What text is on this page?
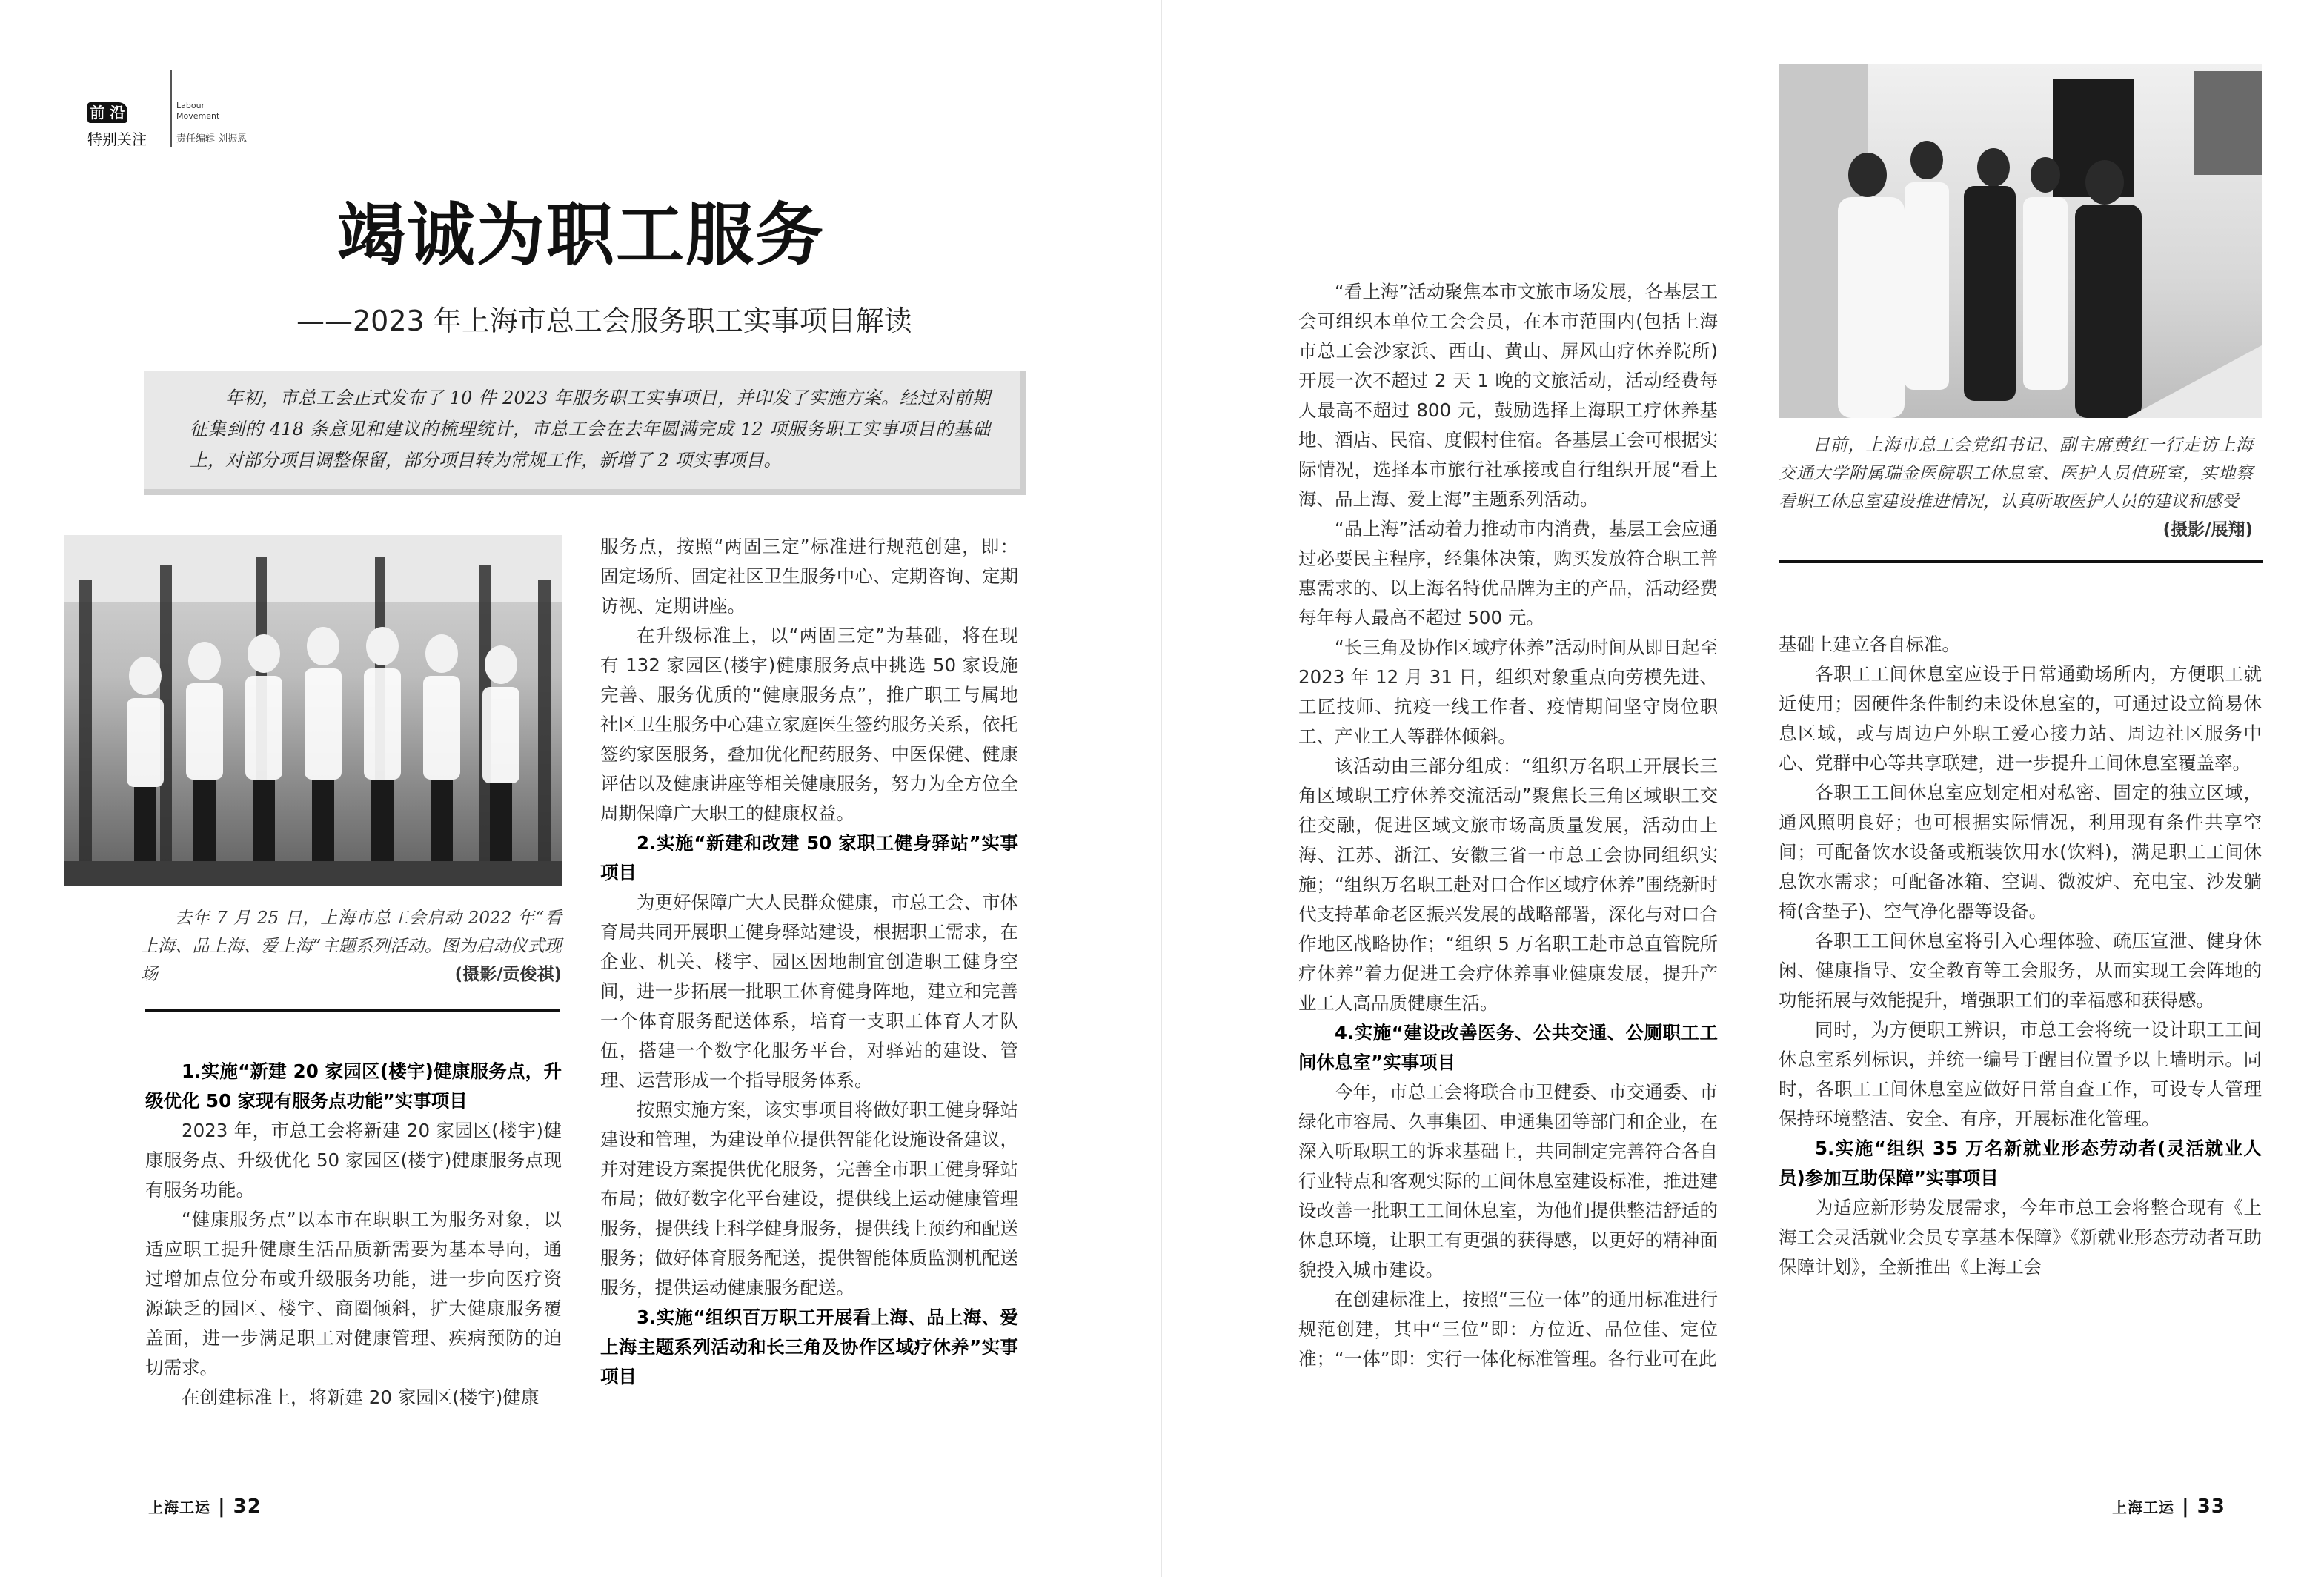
前 沿
特别关注
Labour
Movement
责任编辑 刘振恩
竭诚为职工服务
——2023 年上海市总工会服务职工实事项目解读
年初，市总工会正式发布了 10 件 2023 年服务职工实事项目，并印发了实施方案。经过对前期征集到的 418 条意见和建议的梳理统计，市总工会在去年圆满完成 12 项服务职工实事项目的基础上，对部分项目调整保留，部分项目转为常规工作，新增了 2 项实事项目。
去年 7 月 25 日，上海市总工会启动 2022 年“看上海、品上海、爱上海”主题系列活动。图为启动仪式现场	(摄影/贡俊祺)

1.实施“新建 20 家园区(楼宇)健康服务点，升级优化 50 家现有服务点功能”实事项目

2023 年，市总工会将新建 20 家园区(楼宇)健康服务点、升级优化 50 家园区(楼宇)健康服务点现有服务功能。

“健康服务点”以本市在职职工为服务对象，以适应职工提升健康生活品质新需要为基本导向，通过增加点位分布或升级服务功能，进一步向医疗资源缺乏的园区、楼宇、商圈倾斜，扩大健康服务覆盖面，进一步满足职工对健康管理、疾病预防的迫切需求。

在创建标准上，将新建 20 家园区(楼宇)健康

服务点，按照“两固三定”标准进行规范创建，即：固定场所、固定社区卫生服务中心、定期咨询、定期访视、定期讲座。

在升级标准上，以“两固三定”为基础，将在现有 132 家园区(楼宇)健康服务点中挑选 50 家设施完善、服务优质的“健康服务点”，推广职工与属地社区卫生服务中心建立家庭医生签约服务关系，依托签约家医服务，叠加优化配药服务、中医保健、健康评估以及健康讲座等相关健康服务，努力为全方位全周期保障广大职工的健康权益。

2.实施“新建和改建 50 家职工健身驿站”实事项目

为更好保障广大人民群众健康，市总工会、市体育局共同开展职工健身驿站建设，根据职工需求，在企业、机关、楼宇、园区因地制宜创造职工健身空间，进一步拓展一批职工体育健身阵地，建立和完善一个体育服务配送体系，培育一支职工体育人才队伍，搭建一个数字化服务平台，对驿站的建设、管理、运营形成一个指导服务体系。

按照实施方案，该实事项目将做好职工健身驿站建设和管理，为建设单位提供智能化设施设备建议，并对建设方案提供优化服务，完善全市职工健身驿站布局；做好数字化平台建设，提供线上运动健康管理服务，提供线上科学健身服务，提供线上预约和配送服务；做好体育服务配送，提供智能体质监测机配送服务，提供运动健康服务配送。

3.实施“组织百万职工开展看上海、品上海、爱上海主题系列活动和长三角及协作区域疗休养”实事项目

上海工运 | 32

“看上海”活动聚焦本市文旅市场发展，各基层工会可组织本单位工会会员，在本市范围内(包括上海市总工会沙家浜、西山、黄山、屏风山疗休养院所)开展一次不超过 2 天 1 晚的文旅活动，活动经费每人最高不超过 800 元，鼓励选择上海职工疗休养基地、酒店、民宿、度假村住宿。各基层工会可根据实际情况，选择本市旅行社承接或自行组织开展“看上海、品上海、爱上海”主题系列活动。

“品上海”活动着力推动市内消费，基层工会应通过必要民主程序，经集体决策，购买发放符合职工普惠需求的、以上海名特优品牌为主的产品，活动经费每年每人最高不超过 500 元。

“长三角及协作区域疗休养”活动时间从即日起至 2023 年 12 月 31 日，组织对象重点向劳模先进、工匠技师、抗疫一线工作者、疫情期间坚守岗位职工、产业工人等群体倾斜。

该活动由三部分组成：“组织万名职工开展长三角区域职工疗休养交流活动”聚焦长三角区域职工交往交融，促进区域文旅市场高质量发展，活动由上海、江苏、浙江、安徽三省一市总工会协同组织实施；“组织万名职工赴对口合作区域疗休养”围绕新时代支持革命老区振兴发展的战略部署，深化与对口合作地区战略协作；“组织 5 万名职工赴市总直管院所疗休养”着力促进工会疗休养事业健康发展，提升产业工人高品质健康生活。

4.实施“建设改善医务、公共交通、公厕职工工间休息室”实事项目

今年，市总工会将联合市卫健委、市交通委、市绿化市容局、久事集团、申通集团等部门和企业，在深入听取职工的诉求基础上，共同制定完善符合各自行业特点和客观实际的工间休息室建设标准，推进建设改善一批职工工间休息室，为他们提供整洁舒适的休息环境，让职工有更强的获得感，以更好的精神面貌投入城市建设。

在创建标准上，按照“三位一体”的通用标准进行规范创建，其中“三位”即：方位近、品位佳、定位准；“一体”即：实行一体化标准管理。各行业可在此

日前，上海市总工会党组书记、副主席黄红一行走访上海交通大学附属瑞金医院职工休息室、医护人员值班室，实地察看职工休息室建设推进情况，认真听取医护人员的建议和感受
(摄影/展翔)

基础上建立各自标准。

各职工工间休息室应设于日常通勤场所内，方便职工就近使用；因硬件条件制约未设休息室的，可通过设立简易休息区域，或与周边户外职工爱心接力站、周边社区服务中心、党群中心等共享联建，进一步提升工间休息室覆盖率。

各职工工间休息室应划定相对私密、固定的独立区域，通风照明良好；也可根据实际情况，利用现有条件共享空间；可配备饮水设备或瓶装饮用水(饮料)，满足职工工间休息饮水需求；可配备冰箱、空调、微波炉、充电宝、沙发躺椅(含垫子)、空气净化器等设备。

各职工工间休息室将引入心理体验、疏压宣泄、健身休闲、健康指导、安全教育等工会服务，从而实现工会阵地的功能拓展与效能提升，增强职工们的幸福感和获得感。

同时，为方便职工辨识，市总工会将统一设计职工工间休息室系列标识，并统一编号于醒目位置予以上墙明示。同时，各职工工间休息室应做好日常自查工作，可设专人管理保持环境整洁、安全、有序，开展标准化管理。

5.实施“组织 35 万名新就业形态劳动者(灵活就业人员)参加互助保障”实事项目

为适应新形势发展需求，今年市总工会将整合现有《上海工会灵活就业会员专享基本保障》《新就业形态劳动者互助保障计划》，全新推出《上海工会

上海工运 | 33
